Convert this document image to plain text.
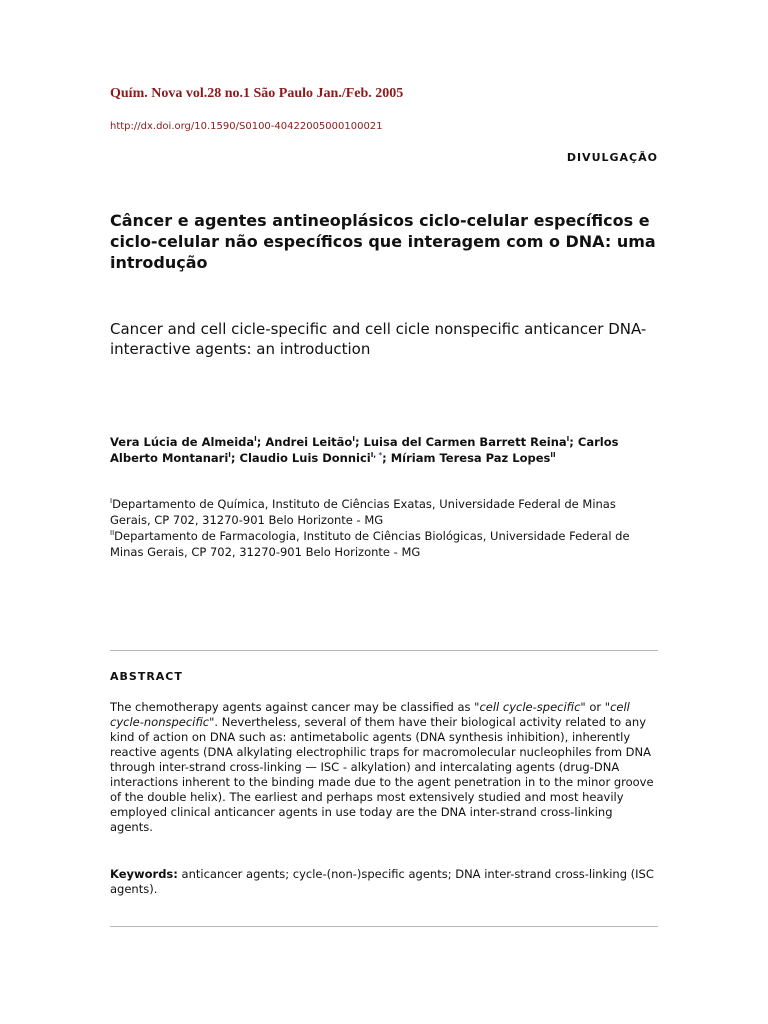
Quím. Nova vol.28 no.1 São Paulo Jan./Feb. 2005
http://dx.doi.org/10.1590/S0100-40422005000100021
DIVULGAÇÃO
Câncer e agentes antineoplásicos ciclo-celular específicos e ciclo-celular não específicos que interagem com o DNA: uma introdução
Cancer and cell cicle-specific and cell cicle nonspecific anticancer DNA-interactive agents: an introduction
Vera Lúcia de Almeida$^I$; Andrei Leitão$^I$; Luisa del Carmen Barrett Reina$^I$; Carlos Alberto Montanari$^I$; Claudio Luis Donnici$^{I, *}$; Míriam Teresa Paz Lopes$^{II}$
$^I$Departamento de Química, Instituto de Ciências Exatas, Universidade Federal de Minas Gerais, CP 702, 31270-901 Belo Horizonte - MG
$^{II}$Departamento de Farmacologia, Instituto de Ciências Biológicas, Universidade Federal de Minas Gerais, CP 702, 31270-901 Belo Horizonte - MG
ABSTRACT
The chemotherapy agents against cancer may be classified as "cell cycle-specific" or "cell cycle-nonspecific". Nevertheless, several of them have their biological activity related to any kind of action on DNA such as: antimetabolic agents (DNA synthesis inhibition), inherently reactive agents (DNA alkylating electrophilic traps for macromolecular nucleophiles from DNA through inter-strand cross-linking — ISC - alkylation) and intercalating agents (drug-DNA interactions inherent to the binding made due to the agent penetration in to the minor groove of the double helix). The earliest and perhaps most extensively studied and most heavily employed clinical anticancer agents in use today are the DNA inter-strand cross-linking agents.
Keywords: anticancer agents; cycle-(non-)specific agents; DNA inter-strand cross-linking (ISC agents).
